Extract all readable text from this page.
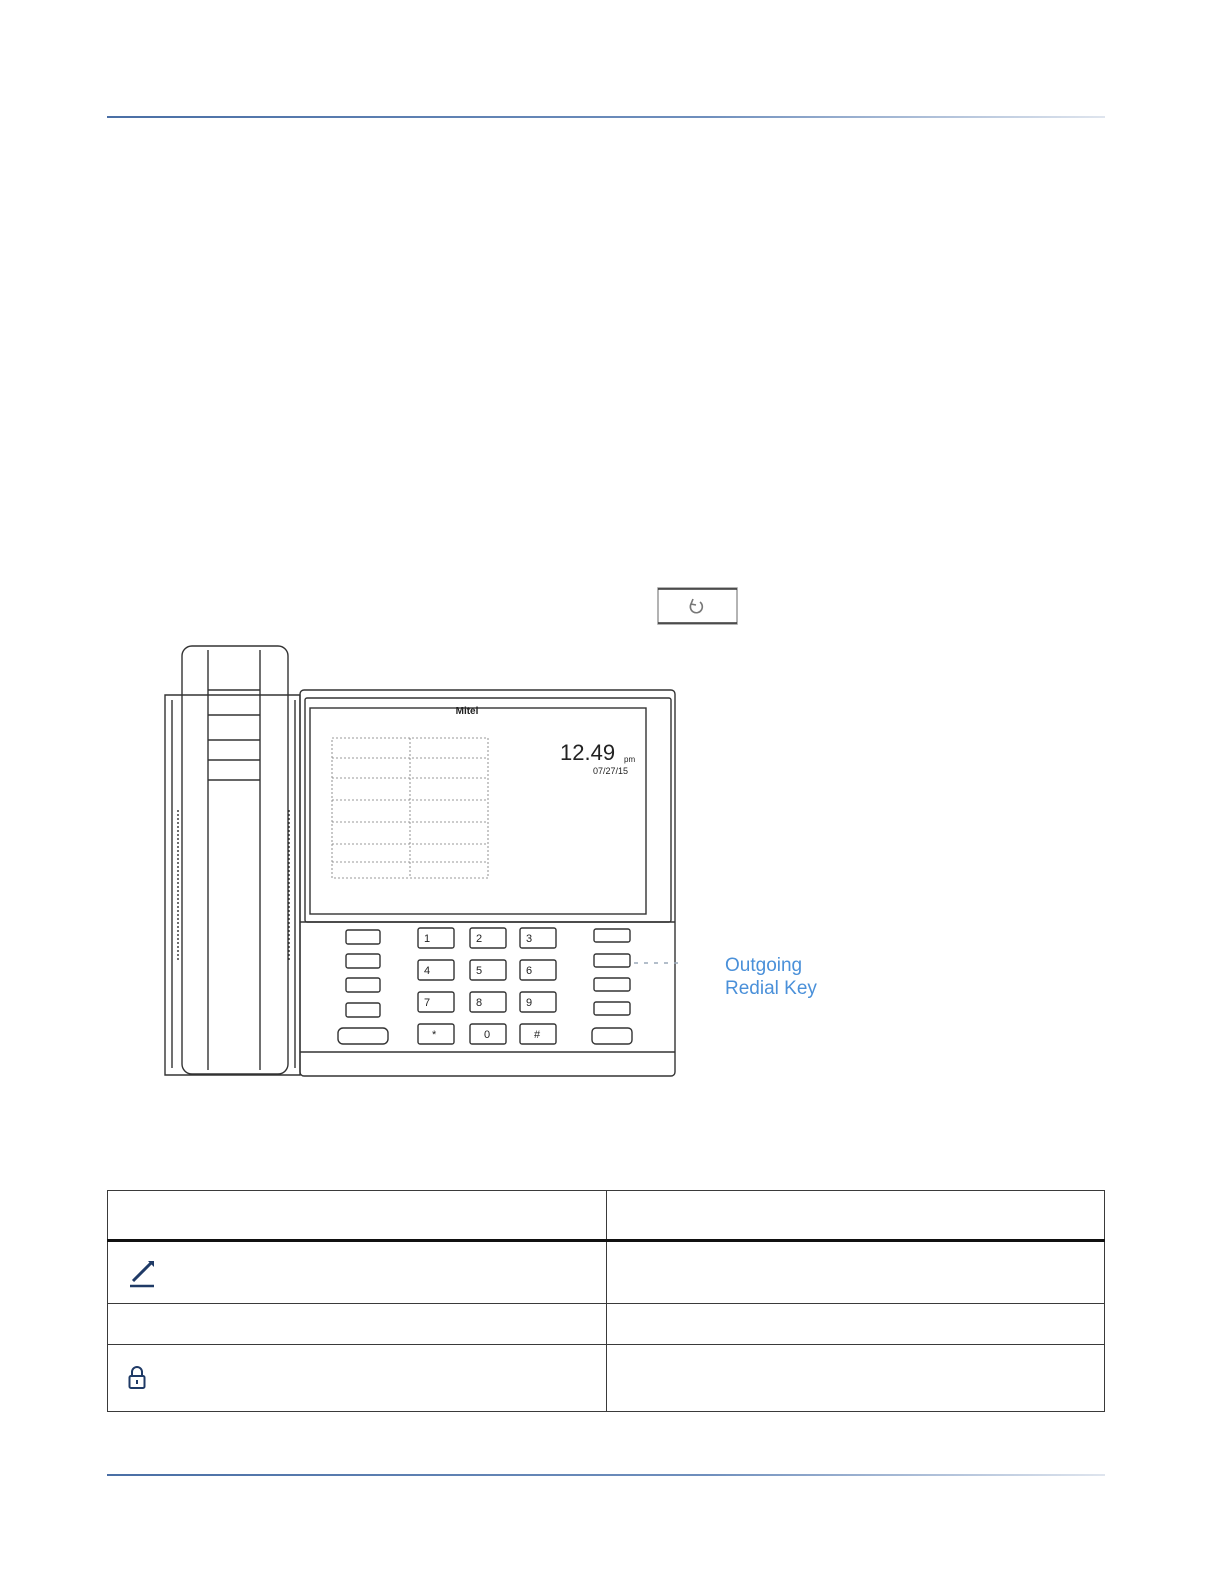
Mitel
12.49 pm
07/27/15
1	2	3
4	5	6
7	8	9
*	0	#
Outgoing
Redial Key
